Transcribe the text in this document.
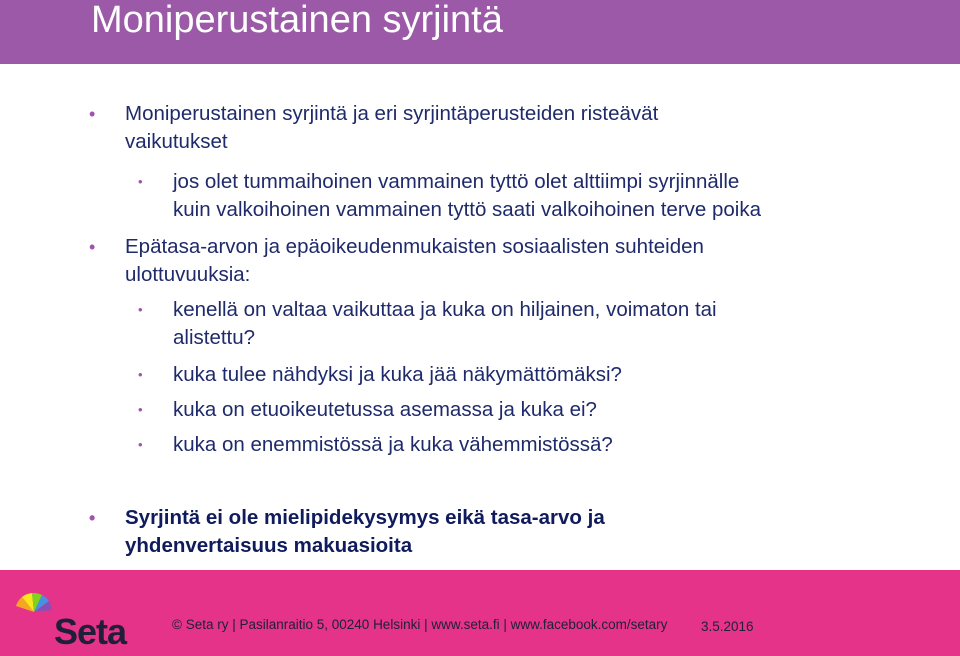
Moniperustainen syrjintä
• Moniperustainen syrjintä ja eri syrjintäperusteiden risteävät
vaikutukset
• jos olet tummaihoinen vammainen tyttö olet alttiimpi syrjinnälle
kuin valkoihoinen vammainen tyttö saati valkoihoinen terve poika
• Epätasa-arvon ja epäoikeudenmukaisten sosiaalisten suhteiden
ulottuvuuksia:
• kenellä on valtaa vaikuttaa ja kuka on hiljainen, voimaton tai
alistettu?
• kuka tulee nähdyksi ja kuka jää näkymättömäksi?
• kuka on etuoikeutetussa asemassa ja kuka ei?
• kuka on enemmistössä ja kuka vähemmistössä?
• Syrjintä ei ole mielipidekysymys eikä tasa-arvo ja
yhdenvertaisuus makuasioita
Seta	© Seta ry | Pasilanraitio 5, 00240 Helsinki | www.seta.fi | www.facebook.com/setary 3.5.2016
